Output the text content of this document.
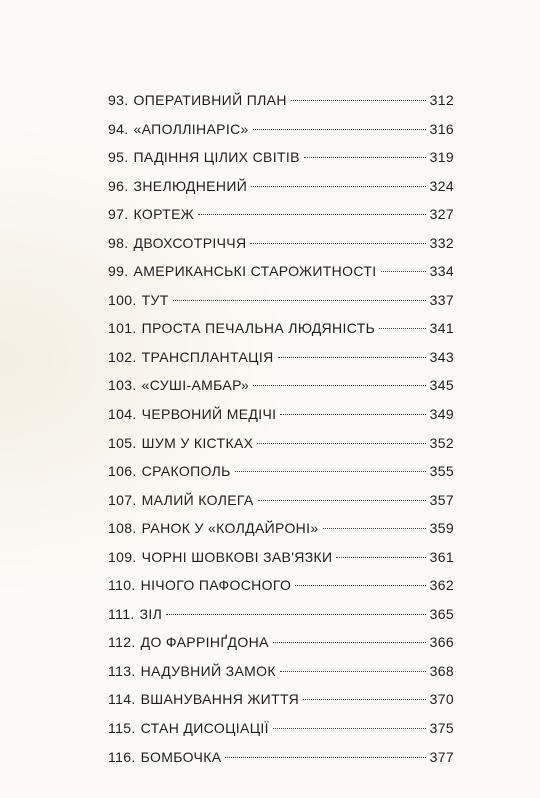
93. ОПЕРАТИВНИЙ ПЛАН	312
94. «АПОЛЛІНАРІС»	316
95. ПАДІННЯ ЦІЛИХ СВІТІВ	319
96. ЗНЕЛЮДНЕНИЙ	324
97. КОРТЕЖ	327
98. ДВОХСОТРІЧЧЯ	332
99. АМЕРИКАНСЬКІ СТАРОЖИТНОСТІ	334
100. ТУТ	337
101. ПРОСТА ПЕЧАЛЬНА ЛЮДЯНІСТЬ	341
102. ТРАНСПЛАНТАЦІЯ	343
103. «СУШІ-АМБАР»	345
104. ЧЕРВОНИЙ МЕДІЧІ	349
105. ШУМ У КІСТКАХ	352
106. СРАКОПОЛЬ	355
107. МАЛИЙ КОЛЕГА	357
108. РАНОК У «КОЛДАЙРОНІ»	359
109. ЧОРНІ ШОВКОВІ ЗАВ'ЯЗКИ	361
110. НІЧОГО ПАФОСНОГО	362
111. ЗІЛ	365
112. ДО ФАРРІНҐДОНА	366
113. НАДУВНИЙ ЗАМОК	368
114. ВШАНУВАННЯ ЖИТТЯ	370
115. СТАН ДИСОЦІАЦІЇ	375
116. БОМБОЧКА	377
